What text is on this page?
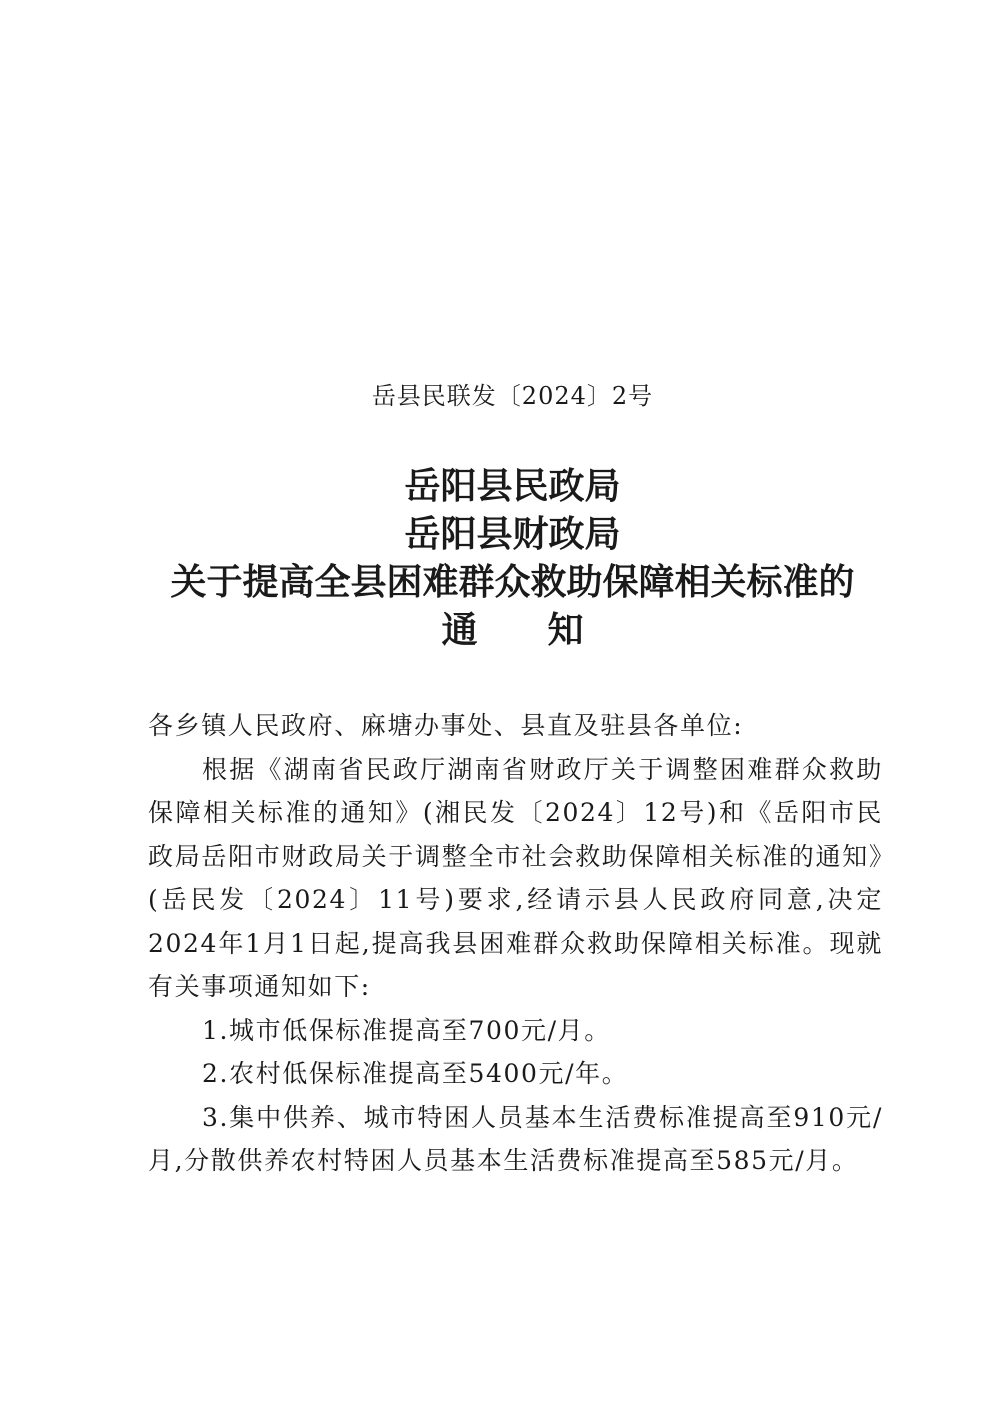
岳县民联发〔2024〕2号
岳阳县民政局
岳阳县财政局
关于提高全县困难群众救助保障相关标准的
通知

各乡镇人民政府、麻塘办事处、县直及驻县各单位:

根据《湖南省民政厅湖南省财政厅关于调整困难群众救助保障相关标准的通知》(湘民发〔2024〕12号)和《岳阳市民政局岳阳市财政局关于调整全市社会救助保障相关标准的通知》(岳民发〔2024〕11号)要求,经请示县人民政府同意,决定2024年1月1日起,提高我县困难群众救助保障相关标准。现就有关事项通知如下:

1.城市低保标准提高至700元/月。

2.农村低保标准提高至5400元/年。

3.集中供养、城市特困人员基本生活费标准提高至910元/月,分散供养农村特困人员基本生活费标准提高至585元/月。
